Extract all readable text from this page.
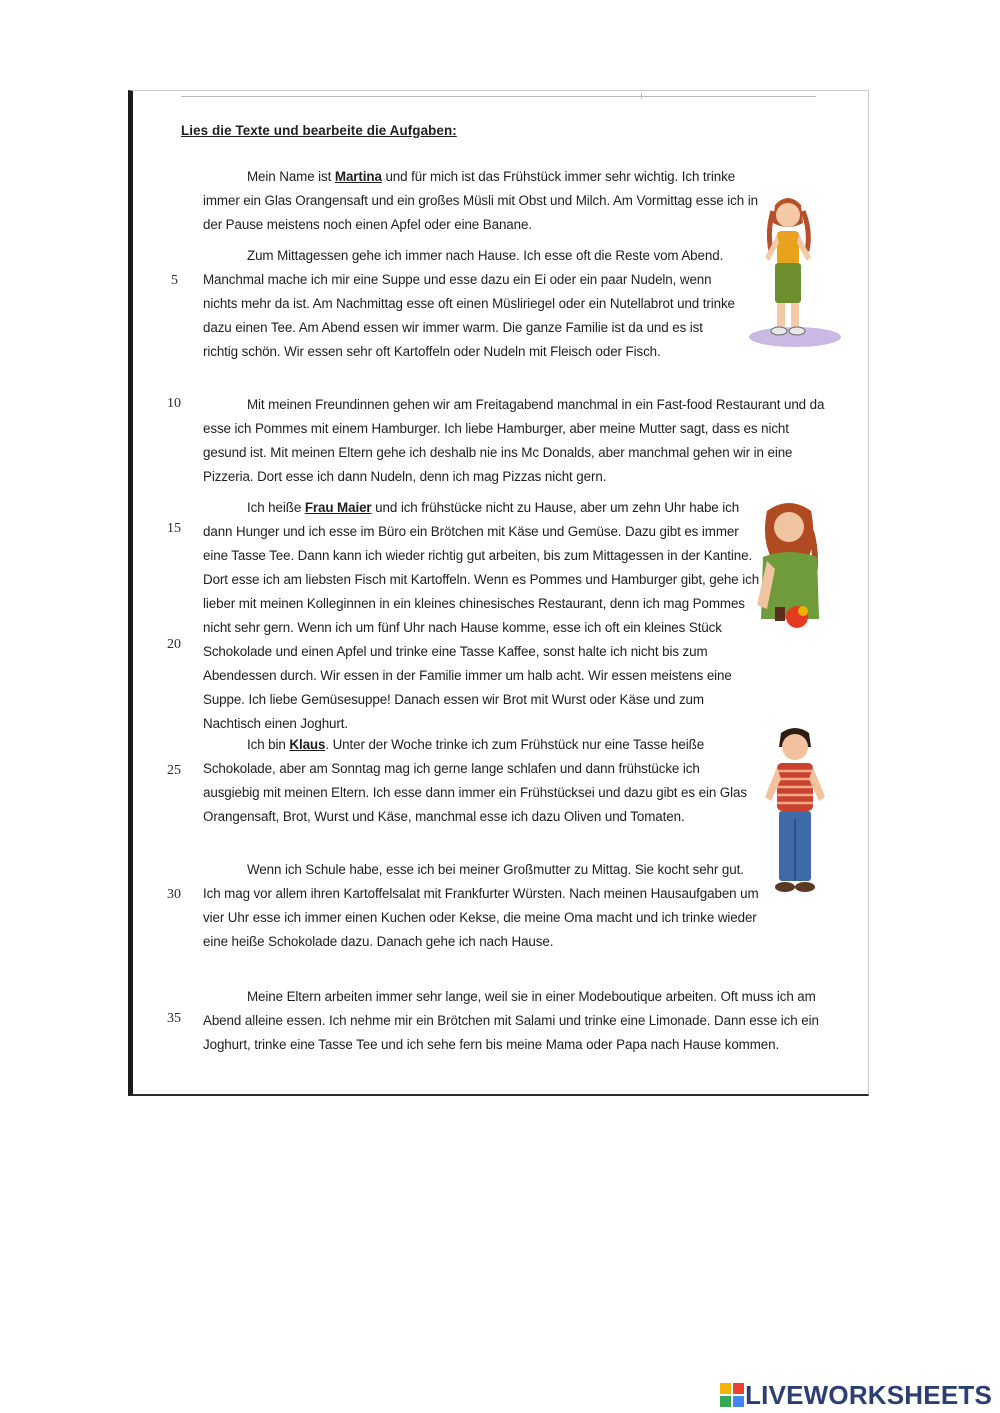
Lies die Texte und bearbeite die Aufgaben:

Mein Name ist Martina und für mich ist das Frühstück immer sehr wichtig. Ich trinke immer ein Glas Orangensaft und ein großes Müsli mit Obst und Milch. Am Vormittag esse ich in der Pause meistens noch einen Apfel oder eine Banane.

Zum Mittagessen gehe ich immer nach Hause. Ich esse oft die Reste vom Abend. Manchmal mache ich mir eine Suppe und esse dazu ein Ei oder ein paar Nudeln, wenn nichts mehr da ist. Am Nachmittag esse oft einen Müsliriegel oder ein Nutellabrot und trinke dazu einen Tee. Am Abend essen wir immer warm. Die ganze Familie ist da und es ist richtig schön. Wir essen sehr oft Kartoffeln oder Nudeln mit Fleisch oder Fisch.

Mit meinen Freundinnen gehen wir am Freitagabend manchmal in ein Fast-food Restaurant und da esse ich Pommes mit einem Hamburger. Ich liebe Hamburger, aber meine Mutter sagt, dass es nicht gesund ist. Mit meinen Eltern gehe ich deshalb nie ins Mc Donalds, aber manchmal gehen wir in eine Pizzeria. Dort esse ich dann Nudeln, denn ich mag Pizzas nicht gern.

Ich heiße Frau Maier und ich frühstücke nicht zu Hause, aber um zehn Uhr habe ich dann Hunger und ich esse im Büro ein Brötchen mit Käse und Gemüse. Dazu gibt es immer eine Tasse Tee. Dann kann ich wieder richtig gut arbeiten, bis zum Mittagessen in der Kantine. Dort esse ich am liebsten Fisch mit Kartoffeln. Wenn es Pommes und Hamburger gibt, gehe ich lieber mit meinen Kolleginnen in ein kleines chinesisches Restaurant, denn ich mag Pommes nicht sehr gern. Wenn ich um fünf Uhr nach Hause komme, esse ich oft ein kleines Stück Schokolade und einen Apfel und trinke eine Tasse Kaffee, sonst halte ich nicht bis zum Abendessen durch. Wir essen in der Familie immer um halb acht. Wir essen meistens eine Suppe. Ich liebe Gemüsesuppe! Danach essen wir Brot mit Wurst oder Käse und zum Nachtisch einen Joghurt.

Ich bin Klaus. Unter der Woche trinke ich zum Frühstück nur eine Tasse heiße Schokolade, aber am Sonntag mag ich gerne lange schlafen und dann frühstücke ich ausgiebig mit meinen Eltern. Ich esse dann immer ein Frühstücksei und dazu gibt es ein Glas Orangensaft, Brot, Wurst und Käse, manchmal esse ich dazu Oliven und Tomaten.

Wenn ich Schule habe, esse ich bei meiner Großmutter zu Mittag. Sie kocht sehr gut. Ich mag vor allem ihren Kartoffelsalat mit Frankfurter Würsten. Nach meinen Hausaufgaben um vier Uhr esse ich immer einen Kuchen oder Kekse, die meine Oma macht und ich trinke wieder eine heiße Schokolade dazu. Danach gehe ich nach Hause.

Meine Eltern arbeiten immer sehr lange, weil sie in einer Modeboutique arbeiten. Oft muss ich am Abend alleine essen. Ich nehme mir ein Brötchen mit Salami und trinke eine Limonade. Dann esse ich ein Joghurt, trinke eine Tasse Tee und ich sehe fern bis meine Mama oder Papa nach Hause kommen.

5
10
15
20
25
30
35
LIVEWORKSHEETS
